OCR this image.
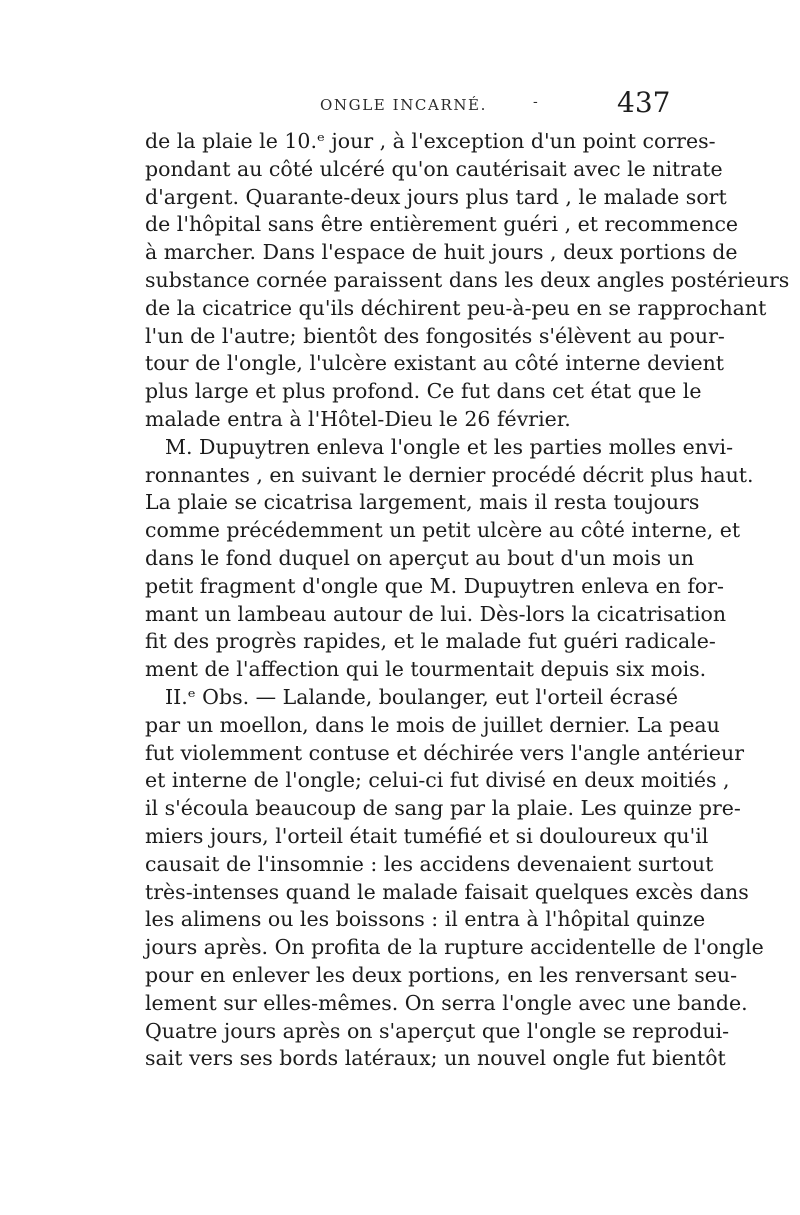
ONGLE INCARNÉ.	-	437
de la plaie le 10.ᵉ jour , à l'exception d'un point corres-
pondant au côté ulcéré qu'on cautérisait avec le nitrate
d'argent. Quarante-deux jours plus tard , le malade sort
de l'hôpital sans être entièrement guéri , et recommence
à marcher. Dans l'espace de huit jours , deux portions de
substance cornée paraissent dans les deux angles postérieurs
de la cicatrice qu'ils déchirent peu-à-peu en se rapprochant
l'un de l'autre; bientôt des fongosités s'élèvent au pour-
tour de l'ongle, l'ulcère existant au côté interne devient
plus large et plus profond. Ce fut dans cet état que le
malade entra à l'Hôtel-Dieu le 26 février.
M. Dupuytren enleva l'ongle et les parties molles envi-
ronnantes , en suivant le dernier procédé décrit plus haut.
La plaie se cicatrisa largement, mais il resta toujours
comme précédemment un petit ulcère au côté interne, et
dans le fond duquel on aperçut au bout d'un mois un
petit fragment d'ongle que M. Dupuytren enleva en for-
mant un lambeau autour de lui. Dès-lors la cicatrisation
fit des progrès rapides, et le malade fut guéri radicale-
ment de l'affection qui le tourmentait depuis six mois.
II.ᵉ Obs. — Lalande, boulanger, eut l'orteil écrasé
par un moellon, dans le mois de juillet dernier. La peau
fut violemment contuse et déchirée vers l'angle antérieur
et interne de l'ongle; celui-ci fut divisé en deux moitiés ,
il s'écoula beaucoup de sang par la plaie. Les quinze pre-
miers jours, l'orteil était tuméfié et si douloureux qu'il
causait de l'insomnie : les accidens devenaient surtout
très-intenses quand le malade faisait quelques excès dans
les alimens ou les boissons : il entra à l'hôpital quinze
jours après. On profita de la rupture accidentelle de l'ongle
pour en enlever les deux portions, en les renversant seu-
lement sur elles-mêmes. On serra l'ongle avec une bande.
Quatre jours après on s'aperçut que l'ongle se reprodui-
sait vers ses bords latéraux; un nouvel ongle fut bientôt
